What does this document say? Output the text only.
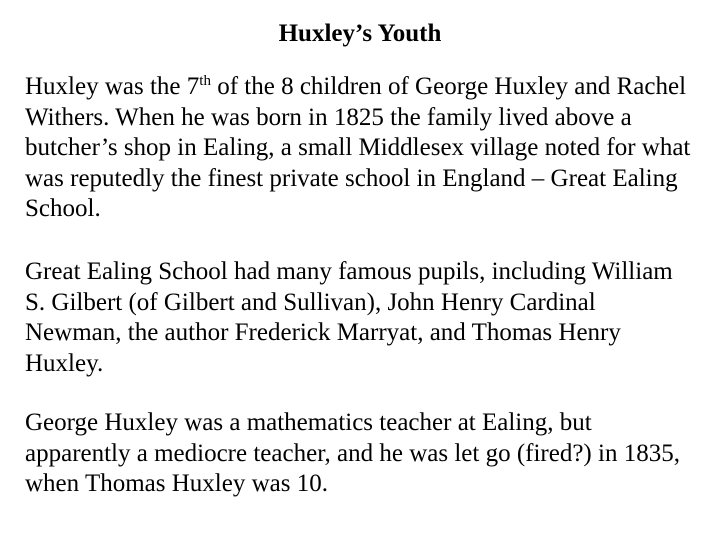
Huxley’s Youth

Huxley was the 7th of the 8 children of George Huxley and Rachel Withers. When he was born in 1825 the family lived above a butcher’s shop in Ealing, a small Middlesex village noted for what was reputedly the finest private school in England – Great Ealing School.

Great Ealing School had many famous pupils, including William S. Gilbert (of Gilbert and Sullivan), John Henry Cardinal Newman, the author Frederick Marryat, and Thomas Henry Huxley.

George Huxley was a mathematics teacher at Ealing, but apparently a mediocre teacher, and he was let go (fired?) in 1835, when Thomas Huxley was 10.
